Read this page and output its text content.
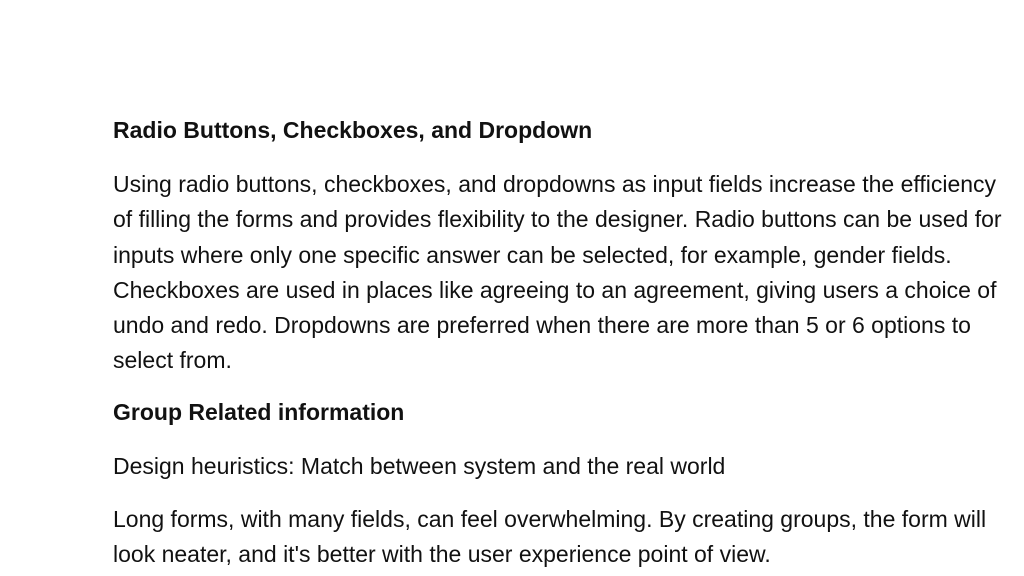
Radio Buttons, Checkboxes, and Dropdown
Using radio buttons, checkboxes, and dropdowns as input fields increase the efficiency of filling the forms and provides flexibility to the designer. Radio buttons can be used for inputs where only one specific answer can be selected, for example, gender fields. Checkboxes are used in places like agreeing to an agreement, giving users a choice of undo and redo. Dropdowns are preferred when there are more than 5 or 6 options to select from.
Group Related information
Design heuristics: Match between system and the real world
Long forms, with many fields, can feel overwhelming. By creating groups, the form will look neater, and it's better with the user experience point of view.
